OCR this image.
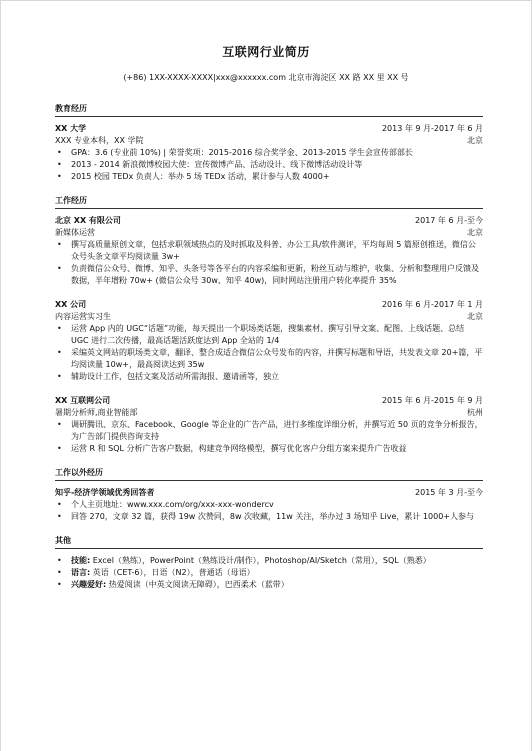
互联网行业简历
(+86) 1XX-XXXX-XXXX|xxx@xxxxxx.com 北京市海淀区 XX 路 XX 里 XX 号
教育经历
XX 大学	2013 年 9 月-2017 年 6 月
XXX 专业本科，XX 学院	北京
• GPA：3.6 (专业前 10%) | 荣誉奖项：2015-2016 综合奖学金、2013-2015 学生会宣传部部长
• 2013 - 2014 新浪微博校园大使：宣传微博产品、活动设计、线下微博活动设计等
• 2015 校园 TEDx 负责人：举办 5 场 TEDx 活动，累计参与人数 4000+
工作经历
北京 XX 有限公司	2017 年 6 月-至今
新媒体运营	北京
• 撰写高质量原创文章，包括求职领域热点的及时抓取及科普、办公工具/软件测评，平均每周 5 篇原创推送，微信公众号头条文章平均阅读量 3w+
• 负责微信公众号、微博、知乎、头条号等各平台的内容采编和更新，粉丝互动与维护，收集、分析和整理用户反馈及数据，半年增粉 70w+ (微信公众号 30w、知乎 40w)，同时网站注册用户转化率提升 35%
XX 公司	2016 年 6 月-2017 年 1 月
内容运营实习生	北京
• 运营 App 内的 UGC“话题”功能，每天提出一个职场类话题，搜集素材、撰写引导文案、配图、上线话题、总结 UGC 进行二次传播，最高话题活跃度达到 App 全站的 1/4
• 采编英文网站的职场类文章，翻译、整合成适合微信公众号发布的内容，并撰写标题和导语，共发表文章 20+篇，平均阅读量 10w+，最高阅读达到 35w
• 辅助设计工作，包括文案及活动所需海报、邀请函等，独立
XX 互联网公司	2015 年 6 月-2015 年 9 月
暑期分析师,商业智能部	杭州
• 调研腾讯、京东、Facebook、Google 等企业的广告产品，进行多维度详细分析，并撰写近 50 页的竞争分析报告，为广告部门提供咨询支持
• 运营 R 和 SQL 分析广告客户数据，构建竞争网络模型，撰写优化客户分组方案来提升广告收益
工作以外经历
知乎-经济学领域优秀回答者	2015 年 3 月-至今
• 个人主页地址：www.xxx.com/org/xxx-xxx-wondercv
• 回答 270，文章 32 篇，获得 19w 次赞同，8w 次收藏，11w 关注，举办过 3 场知乎 Live，累计 1000+人参与
其他
• 技能: Excel（熟练），PowerPoint（熟练设计/制作），Photoshop/AI/Sketch（常用），SQL（熟悉）
• 语言: 英语（CET-6），日语（N2），普通话（母语）
• 兴趣爱好: 热爱阅读（中英文阅读无障碍），巴西柔术（蓝带）
